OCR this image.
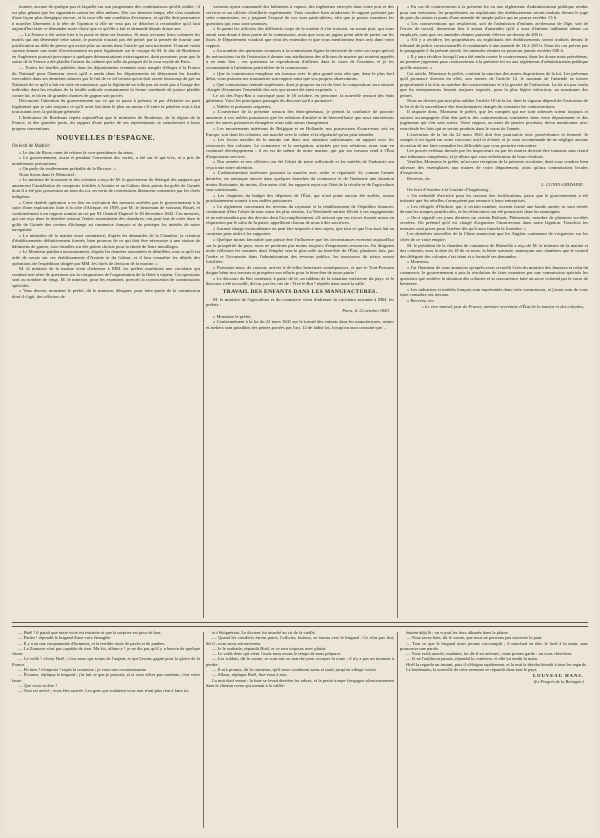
tionner, aucune de quelque pas et laquelle sur son programme des combinaisons qu'elle oublie ; il est plus gênant que les signataires soient les elles mêmes. Des ces derniers temps, elle s'est conduite d'une façon plus énergique encore, et la cour elle une condition d'existence, et qu'elle doit poursuivre à marcher librement à la tête de l'opinion si elle ne veut pas se détacher à reconnaître qu'il faut aujourd'hui faire ce demander notre chose que ce qu'elle a fait et demandé depuis douze ans.

— La France a été saisie hier à la poste et dans ses bureaux. Si nous avouons leurs colonnes les motifs qui ont déterminé cette saisie, le pouvoir n'aurait pas été peiné; par la pensée de fournir une justification au délit de presse qui existe plus ou moins dans l'article qui sera incriminé. Il aurait voulu surtout donner une suite d'avertissement en parti légitimiste sur le voyage de M. le duc de Bordeaux en Angleterre pouvait provoquer à quelques démonstrations extravagantes, dont personne, pour que la saisie de la France a été plaidée l'auteur du cabinet qui selle du parquet de la cour royale de Paris.

— Toutes les feuilles publiées dans les départements viennent nous remplir d'éloges à la France du National pour l'honneur servir qu'il a rendu dans les départements en détournant les fraudes exercables dans ses dernières séances par le fait de ce tel certain qu'on doit savoir beaucoup de gré au National de ce qu'il a fait en cette circonstance, que la légitimité ne tolle pas où avait pas à l'usage des individus dont les résultats de la feuille radicale constamment la forme combinée de justice plaidée contre lui, et où en de grandes chances de gagner son procès.

Décourons l'attention du gouvernement sur ce qui se passe à présent, et par d'éclairer au parti légitimiste que je sais toujours ce qu'il avait fait dans le plus ou moins s'il entre la pénétrer tout à fait tout autant avec la politique générale.

L'Indicateur de Bordeaux répète aujourd'hui que le ministère de Bordeaux, de la région de la France, et des grandes ports, du rapport d'une partie de ses représentants se rattacheront à leurs propres conventions.

NOUVELLES D'ESPAGNE.

On écrit de Madrid :

« Le duc de Rivas vient de refuser la vice-présidence du sénat.

« Le gouvernement, avant et pendant l'ouverture des cortès, a été sur le qui-vive, et a pris de nombreuses précautions.

« On parle du soulèvement probable de la Biscaye. »

Nous lisons dans le Mémorial :

« Le ministre de la marine et des colonies a reçu de M. le gouverneur du Sénégal des rapports qui annoncent l'installation de comptoirs fortifiés à Assinie et au Gabon, deux points du golfe de Guinée dont il a été pris possession au nom du roi, en vertu de conventions librement consenties par les chefs indigènes.

« Cette double opération a eu lieu en exécution des mesures arrêtées par le gouvernement à la suite d'une exploration faite à la côte d'Afrique, en 1839, par M. le lieutenant de vaisseau Bouët, et conformément à un rapport soumis au roi par M. l'amiral Duperré le 30 décembre 1842. Ces mesures, qui ont reçu dans la dernière session l'entier assentiment des chambres, ont pour but de créer dans le golfe de Guinée des centres d'échange au commerce français et de protéger les intérêts de notre navigation.

« Le ministère de la marine avait commencé, d'après les demandes de la Chambre, la création d'établissements définitivement formés, bien pourvus de ce qui doit être nécessaire à une station de bâtiments de guerre, tous installés sur des points choisis pour la sûreté de leurs mouillages.

« Le Moniteur publiera incessamment, d'après les données raisonnées et détaillées, tout ce qu'il est utile de savoir sur ces établissements d'Assinie et du Gabon, et il fera connaître les détails des opérations de l'expédition dirigée par MM. les chefs de division de la marine. »

M. le ministre de la marine vient d'adresser à MM. les préfets maritimes une circulaire qui contient une série de questions sur la composition de l'organisation de la flotte à vapeur. Ces questions sont au nombre de vingt. M. le ministre, pour les examiner, prescrit la convocation de commissions spéciales.

« Vous devrez, monsieur le préfet, dit le ministre, désigner, pour faire partie de la commission dont il s'agit, des officiers de

vaisseau ayant commandé des bâtiments à vapeur, des ingénieurs envoyés dans votre port et des services et un officier d'artillerie expérimenté. Vous voudrez bien m'adresser le rapport présenté par cette commission, en y joignant l'exposé de vos vues particulières, afin que je puisse examiner les questions qui vous sont soumises.

« Si parmi les officiers des différents corps de la marine il s'en trouvait, en aucun port, qui vous aurait sans doute à faire partie de la commission, mais que vous ne jugiez point utile de porter sur les listes, le Département voudrait que vous les entendiez et que vous mentionniez leurs avis dans votre rapport.

« Au nombre des questions soumises à la commission figure la nécessité de créer un corps spécial de mécaniciens ou de l'extension à donner aux attributions des officiers de marine qui seraient appelés à en tenir lieu ; ces questions se reproduiront d'ailleurs dans le cours de l'examen, et je les recommande à l'attention particulière de la commission.

« Que la commission remplisse ses travaux avec le plus grand soin afin que, dans le plus bref délai, vous puissiez me transmettre son rapport ainsi que vos propres observations.

« Que commission centrale supérieure, dont je propose au roi de fixer la composition, sera ensuite chargée d'examiner l'ensemble des avis qui auront été ainsi exprimés. »

Le roi des Pays-Bas a convoqué pour le 16 octobre, en personne, la nouvelle session des états généraux. Voici les principaux passages du discours qu'il a prononcé :

« Nobles et puissants seigneurs,

« L'ouverture de la présente session des états-généraux, je prends la confiance de pouvoir annoncer à vos nobles puissances que les relations d'amitié et de bienveillance que nous entretenons avec les autres puissances étrangères n'ont subi aucun changement.

« Les mouvements intérieurs de Belgique et en Hollande, nos possessions d'outre-mer, soit en Europe, soit dans les colonies, ont marché avec le calme et la régularité qu'on peut attendre.

« Les forces navales de la marine ont donc une situation satisfaisante, en rapport avec les ressources des colonies. Le commerce et la navigation, attachés par nos relations, nous sont en continuel développement ; il en est de même de notre marine, qui par ses travaux rend à l'État d'importants services.

« Nos armées et nos officiers ont été l'objet de notre sollicitude et les intérêts de l'industrie ont reçu toute notre attention.

« L'administration intérieure poursuit sa marche avec ordre et régularité. Si, comme l'année dernière, on remarque encore dans quelques branches du commerce et de l'industrie une situation moins florissante, du moins, d'un autre côté, les rapports reçus sur l'état de la récolte et de l'agriculture sont satisfaisants.

« Les chapitres du budget des dépenses de l'État, qui n'ont point encore été arrêtés, seront prochainement soumis à vos nobles puissances.

« Le règlement concernant les revenus du royaume et la rétablissement de l'équilibre financier continuent d'être l'objet de mes soins les plus sérieux. La Néerlande entière fléchit à ses engagements et ne méconnaîtra pas des devoirs dont l'accomplissement, s'il arrivait que ses forces fussent mises en réquisition par le salut de la patrie, appellerait chacun de nous à des sacrifices.

« Aucune charge extraordinaire ne peut être imposée à mes sujets, que tout ce que l'on aura fait au contraire pour aider à les supporter.

« Quelque moins favorable que puisse être l'influence que les circonstances exercent aujourd'hui sur la prospérité du pays, nous ne perdrons pas moins toujours d'importants ressources. En dirigeant notre réflexion les sommes dont l'emploi sera le plus utile au bien-être de l'État, plusieurs fois, par l'ordre et l'économie dans l'administration des revenus publics, les ressources du trésor seront fortifiées.

« Puissions-nous, de concert, arriver à de telles heureuses conséquences, et que le Tout-Puissant daigne bénir nos travaux et prospérer nos efforts pour le bien-être de notre patrie !

« Le discours du Roi contenait, à partir de là, un tableau de la situation extérieure du pays, et le discours a été accueilli, dit-on, par les cris de : Vive le Roi ! répétés dans toute la salle.

TRAVAIL DES ENFANTS DANS LES MANUFACTURES.

M. le ministre de l'agriculture et du commerce vient d'adresser la circulaire suivante à MM. les préfets :

Paris, le 12 octobre 1843.

« Monsieur le préfet,

« Conformément à la loi du 22 mars 1841 sur le travail des enfants dans les manufactures, usines et ateliers sont passibles des peines portées par l'art. 12 de ladite loi, lorsqu'on aura constaté que…

« En cas de contravention à la présente loi ou aux règlements d'administration publique rendus pour son exécution, les propriétaires ou exploitants des établissements seront traduits devant le juge de paix du canton et punis d'une amende de simple police qui ne pourra excéder 15 fr.

« Les contraventions qui résulteront, soit de l'admission d'enfants au-dessous de l'âge, soit de l'excès de travail, donneront lieu à autant d'amendes qu'il y aura d'enfants indûment admis ou employés, sans que ces amendes réunies puissent s'élever au-dessus de 200 fr.

« S'il y a récidive, les propriétaires ou exploitants des établissements seront traduits devant le tribunal de police correctionnelle et condamnés à une amende de 16 à 100 fr. Dans les cas prévus par le paragraphe 2 du présent article, les amendes réunies ne pourront jamais excéder 500 fr.

« Il y aura récidive lorsqu'il aura été rendu contre le contrevenant, dans les douze mois précédents, un premier jugement pour contravention à la présente loi ou aux règlements d'administration publique qu'elle autorise. »

Cet article, Monsieur le préfet, contient la sanction des autres dispositions de la loi. Les prévenus qu'il prononce doivent en effet, aux termes de l'article 12, le montant de l'amende se trouve proportionné à la fois au nombre des contraventions et à la gravité de l'infraction. La loi n'a pas voulu que les entrepreneurs fussent toujours exposés, pour la plus légère infraction, au maximum des peines.

Nous ne devons pas non plus oublier l'article 10 de la loi, dont la vigueur dépend de l'exécution de la loi et de la surveillance des fonctionnaires chargés de constater les contraventions.

Il importe donc, Monsieur le préfet, que les comptes qui me sont adressés soient toujours et surtout accompagnés d'un état précis des contraventions constatées dans votre département et des jugements qui s'en sont suivis. Votre rapport, au mois de janvier prochain, devra mentionner avec exactitude les faits qui se seront produits dans le cours de l'année.

L'exécution de la loi du 22 mars 1841 doit être poursuivie avec persévérance et fermeté. Je compte à cet égard sur votre concours actif et éclairé, et je vous recommande de ne négliger aucune occasion de me faire connaître les difficultés que vous pourriez rencontrer.

Les procès-verbaux dressés par les inspecteurs ou par les maires doivent être transmis sans retard aux tribunaux compétents, et je désire que vous m'informiez de leurs résultats.

Veuillez, Monsieur le préfet, m'accuser réception de la présente circulaire, dont vous voudrez bien adresser des exemplaires aux maires de votre département, ainsi qu'aux commissions locales d'inspection.

Recevez, etc.

L. CUNIN-GRIDAINE.

On écrit d'Ancône à la Gazette d'Augsbourg :

« Un redoublé d'activité pour les travaux des fortifications, parce que le gouvernement a été informé que les rebelles s'avançaient pas renoncé à leurs entreprises.

« Les réfugiés d'Ombrie, qui, à certain nombre, avaient formé une bande armée, se sont retirés devant les troupes pontificales, et les réfractaires ont été poursuivis dans les montagnes.

« On a signalé ces jours derniers un certain Boliaoti, Piémontais, membre de plusieurs sociétés secrètes. On prétend qu'il est chargé d'organiser l'insurrection dans notre légation. Toutefois les mesures sont prises pour l'arrêter dès qu'il aura franchi la frontière. »

Les dernières nouvelles de la Chine annoncent que les Anglais continuent de s'organiser sur les côtes de ce vaste empire.

M. le président de la chambre de commerce de Marseille a reçu de M. le ministre de la marine et des colonies, sous la date du 18 de ce mois, la lettre suivante, annonçant aux chambres que le conseil des délégués des colonies s'est réuni et a formulé ses demandes :

« Monsieur,

« J'ai l'honneur de vous annoncer qu'après avoir recueilli l'avis du ministre des finances et celui du commerce, le gouvernement a pris la résolution de faire examiner par une commission spéciale les questions que soulève la situation des colonies et la concurrence faite au sucre colonial par le sucre de betterave.

« Les industries et intérêts français sont représentés dans cette commission, et j'aurai soin de vous faire connaître ses travaux.

« Recevez, etc.

« Le vice-amiral, pair de France, ministre secrétaire d'État de la marine et des colonies,

— Hoël ! il paraît que notre vicie est instruite et que la surprise est pour de bon.

— Parlez ! répondit le brigand d'une voix étranglée.

— Il y a eu une cinquantaine d'hommes, et la terrible route de pavés et de jambes.

— La Zamorie n'est pas capable de rien. Ma foi, allons-y ! je ne dis pas qu'il y a besoin de quelque chose.

— Le voilà ! s'écria Hoël ; c'est nous qui avons de l'argent, et qui l'avons gagné pour la gloire de la France.

— Eh bien ! n'importe ! reprit la comtesse ; je vous suis reconnaissante.

— Écoutez, répliqua le brigand ; j'ai fait ce que je pouvais, et si vous n'êtes pas contente, c'est votre faute.

— Que veux-tu dire ?

— Tout est arrivé ; vous êtes sauvée. Les gens qui voulaient vous tuer n'ont plus rien à faire ici.

et s'éloignèrent. Le docteur fut arraché au cri de la vieille.

— Quand les cavaliers furent partis, l'officier, furieux, se tourna vers le brigand : Ce n'est pas fini, dit-il ; nous nous retrouverons.

— Je le souhaite, répondit Hoël, et ce sera toujours avec plaisir.

— Le voilà donc qui vient ! mais nous avons le temps de nous préparer.

— Les soldats, dit le comte, se sont mis en marche pour occuper la route ; il n'y a pas un moment à perdre.

— Il m'a promis, dit la comtesse, qu'il nous conduirait sains et saufs jusqu'au village voisin.

— Allons, répliqua Hoël, fiez-vous à moi.

La nuit était venue ; la lune se levait derrière les arbres, et la petite troupe s'engagea silencieusement dans le chemin creux qui menait à la vallée.

étaient déjà là ; on voyait les feux allumés dans la plaine.

— Vous savez bien, dit le comte, que nous ne pouvons pas traverser le pont.

— Tout ce que le brigand avait promis s'accomplit ; il marchait en tête, le fusil à la main, sans prononcer une parole.

— Vous voilà sauvée, madame, lui dit-il en arrivant ; mais prenez garde : on vous cherchera.

— Je ne l'oublierai jamais, répondit la comtesse, et elle lui tendit la main.

Hoël la regarda un instant, puis il s'éloigna rapidement, et la nuit le déroba bientôt à tous les regards.

Le lendemain, la nouvelle de cette aventure se répandit dans tout le pays.

LOUVEAU HANS.

(Le Progrès de la Bretagne.)
